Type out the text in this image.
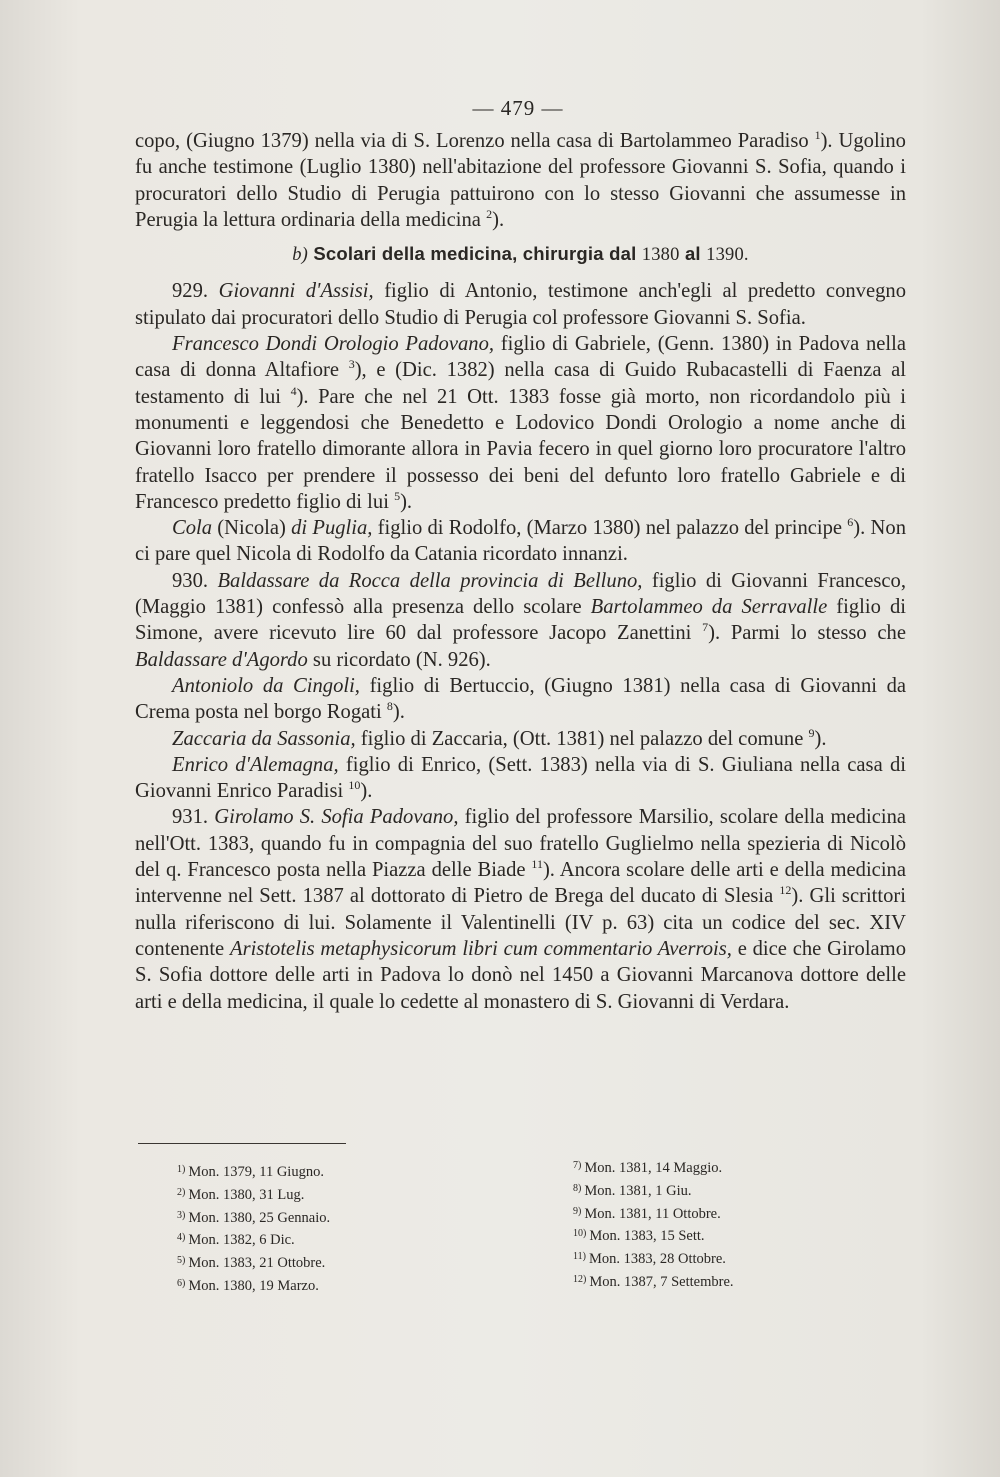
— 479 —

copo, (Giugno 1379) nella via di S. Lorenzo nella casa di Bartolammeo Paradiso $^1$). Ugolino fu anche testimone (Luglio 1380) nell'abitazione del professore Giovanni S. Sofia, quando i procuratori dello Studio di Perugia pattuirono con lo stesso Giovanni che assumesse in Perugia la lettura ordinaria della medicina $^2$).

b) Scolari della medicina, chirurgia dal 1380 al 1390.

929. Giovanni d'Assisi, figlio di Antonio, testimone anch'egli al predetto convegno stipulato dai procuratori dello Studio di Perugia col professore Giovanni S. Sofia.

Francesco Dondi Orologio Padovano, figlio di Gabriele, (Genn. 1380) in Padova nella casa di donna Altafiore $^3$), e (Dic. 1382) nella casa di Guido Rubacastelli di Faenza al testamento di lui $^4$). Pare che nel 21 Ott. 1383 fosse già morto, non ricordandolo più i monumenti e leggendosi che Benedetto e Lodovico Dondi Orologio a nome anche di Giovanni loro fratello dimorante allora in Pavia fecero in quel giorno loro procuratore l'altro fratello Isacco per prendere il possesso dei beni del defunto loro fratello Gabriele e di Francesco predetto figlio di lui $^5$).

Cola (Nicola) di Puglia, figlio di Rodolfo, (Marzo 1380) nel palazzo del principe $^6$). Non ci pare quel Nicola di Rodolfo da Catania ricordato innanzi.

930. Baldassare da Rocca della provincia di Belluno, figlio di Giovanni Francesco, (Maggio 1381) confessò alla presenza dello scolare Bartolammeo da Serravalle figlio di Simone, avere ricevuto lire 60 dal professore Jacopo Zanettini $^7$). Parmi lo stesso che Baldassare d'Agordo su ricordato (N. 926).

Antoniolo da Cingoli, figlio di Bertuccio, (Giugno 1381) nella casa di Giovanni da Crema posta nel borgo Rogati $^8$).

Zaccaria da Sassonia, figlio di Zaccaria, (Ott. 1381) nel palazzo del comune $^9$).

Enrico d'Alemagna, figlio di Enrico, (Sett. 1383) nella via di S. Giuliana nella casa di Giovanni Enrico Paradisi $^{10}$).

931. Girolamo S. Sofia Padovano, figlio del professore Marsilio, scolare della medicina nell'Ott. 1383, quando fu in compagnia del suo fratello Guglielmo nella spezieria di Nicolò del q. Francesco posta nella Piazza delle Biade $^{11}$). Ancora scolare delle arti e della medicina intervenne nel Sett. 1387 al dottorato di Pietro de Brega del ducato di Slesia $^{12}$). Gli scrittori nulla riferiscono di lui. Solamente il Valentinelli (IV p. 63) cita un codice del sec. XIV contenente Aristotelis metaphysicorum libri cum commentario Averrois, e dice che Girolamo S. Sofia dottore delle arti in Padova lo donò nel 1450 a Giovanni Marcanova dottore delle arti e della medicina, il quale lo cedette al monastero di S. Giovanni di Verdara.

$^{1)}$ Mon. 1379, 11 Giugno.
$^{2)}$ Mon. 1380, 31 Lug.
$^{3)}$ Mon. 1380, 25 Gennaio.
$^{4)}$ Mon. 1382, 6 Dic.
$^{5)}$ Mon. 1383, 21 Ottobre.
$^{6)}$ Mon. 1380, 19 Marzo.
$^{7)}$ Mon. 1381, 14 Maggio.
$^{8)}$ Mon. 1381, 1 Giu.
$^{9)}$ Mon. 1381, 11 Ottobre.
$^{10)}$ Mon. 1383, 15 Sett.
$^{11)}$ Mon. 1383, 28 Ottobre.
$^{12)}$ Mon. 1387, 7 Settembre.
